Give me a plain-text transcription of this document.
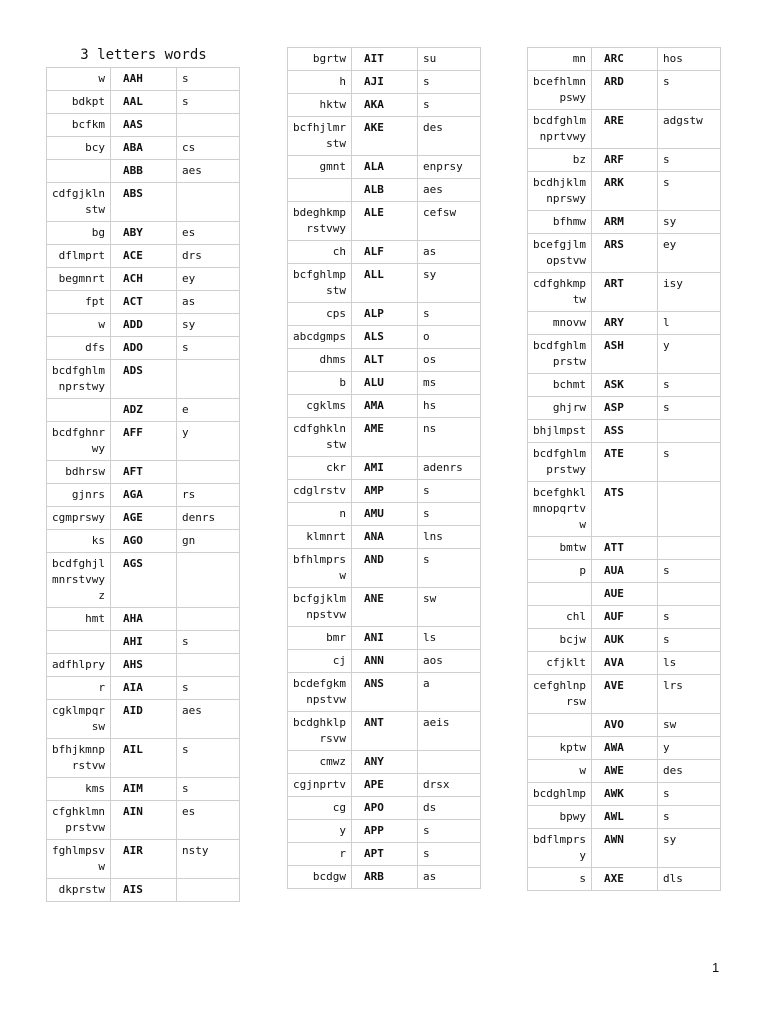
3 letters words
w	AAH	s
bdkpt	AAL	s
bcfkm	AAS	
bcy	ABA	cs
	ABB	aes
cdfgjklnstw	ABS	
bg	ABY	es
dflmprt	ACE	drs
begmnrt	ACH	ey
fpt	ACT	as
w	ADD	sy
dfs	ADO	s
bcdfghlmnprstwy	ADS	
	ADZ	e
bcdfghnrwy	AFF	y
bdhrsw	AFT	
gjnrs	AGA	rs
cgmprswy	AGE	denrs
ks	AGO	gn
bcdfghjlmnrstvwyz	AGS	
hmt	AHA	
	AHI	s
adfhlpry	AHS	
r	AIA	s
cgklmpqrsw	AID	aes
bfhjkmnprstvw	AIL	s
kms	AIM	s
cfghklmnprstvw	AIN	es
fghlmpsvw	AIR	nsty
dkprstw	AIS	
bgrtw	AIT	su
h	AJI	s
hktw	AKA	s
bcfhjlmrstw	AKE	des
gmnt	ALA	enprsy
	ALB	aes
bdeghkmprstvwy	ALE	cefsw
ch	ALF	as
bcfghlmpstw	ALL	sy
cps	ALP	s
abcdgmps	ALS	o
dhms	ALT	os
b	ALU	ms
cgklms	AMA	hs
cdfghklnstw	AME	ns
ckr	AMI	adenrs
cdglrstv	AMP	s
n	AMU	s
klmnrt	ANA	lns
bfhlmprsw	AND	s
bcfgjklmnpstvw	ANE	sw
bmr	ANI	ls
cj	ANN	aos
bcdefgkmnpstvw	ANS	a
bcdghklprsvw	ANT	aeis
cmwz	ANY	
cgjnprtv	APE	drsx
cg	APO	ds
y	APP	s
r	APT	s
bcdgw	ARB	as
mn	ARC	hos
bcefhlmnpswy	ARD	s
bcdfghlmnprtvwy	ARE	adgstw
bz	ARF	s
bcdhjklmnprswy	ARK	s
bfhmw	ARM	sy
bcefgjlmopstvw	ARS	ey
cdfghkmptw	ART	isy
mnovw	ARY	l
bcdfghlmprstw	ASH	y
bchmt	ASK	s
ghjrw	ASP	s
bhjlmpst	ASS	
bcdfghlmprstwy	ATE	s
bcefghklmnopqrtvw	ATS	
bmtw	ATT	
p	AUA	s
	AUE	
chl	AUF	s
bcjw	AUK	s
cfjklt	AVA	ls
cefghlnprsw	AVE	lrs
	AVO	sw
kptw	AWA	y
w	AWE	des
bcdghlmp	AWK	s
bpwy	AWL	s
bdflmprsy	AWN	sy
s	AXE	dls
1
